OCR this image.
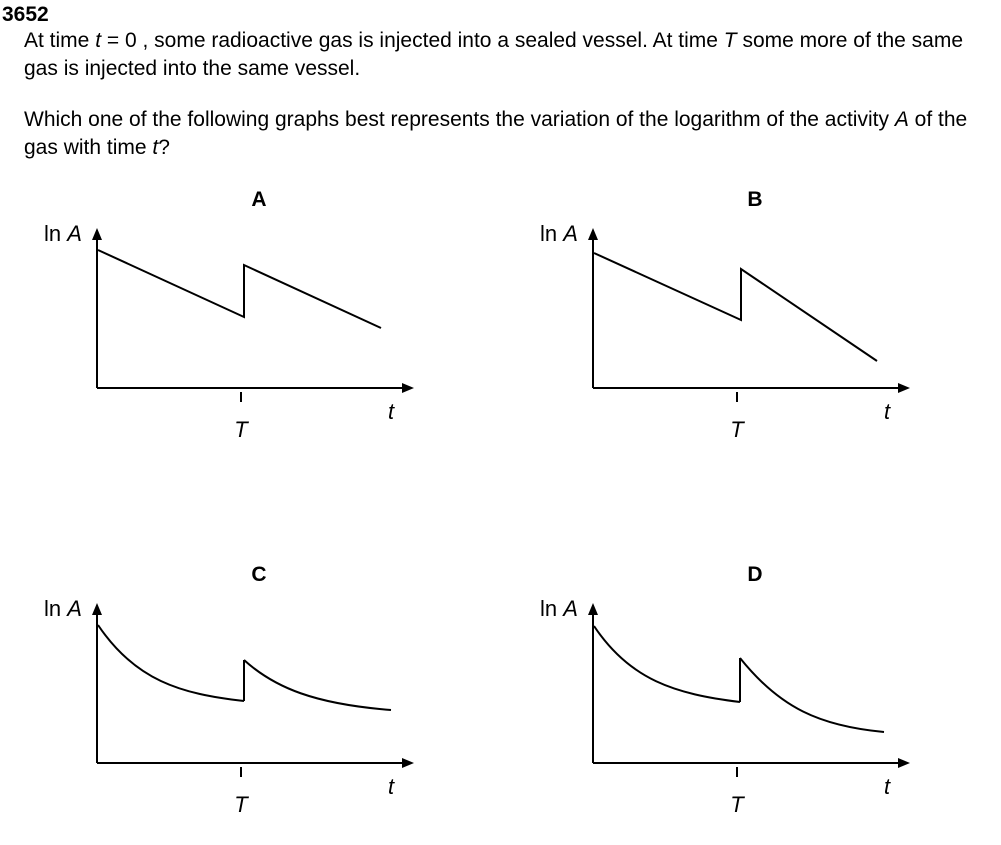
3652

At time t = 0 , some radioactive gas is injected into a sealed vessel. At time T some more of the same gas is injected into the same vessel.

Which one of the following graphs best represents the variation of the logarithm of the activity A of the gas with time t?

A
ln A
T
t
B
ln A
T
t
C
ln A
T
t
D
ln A
T
t
